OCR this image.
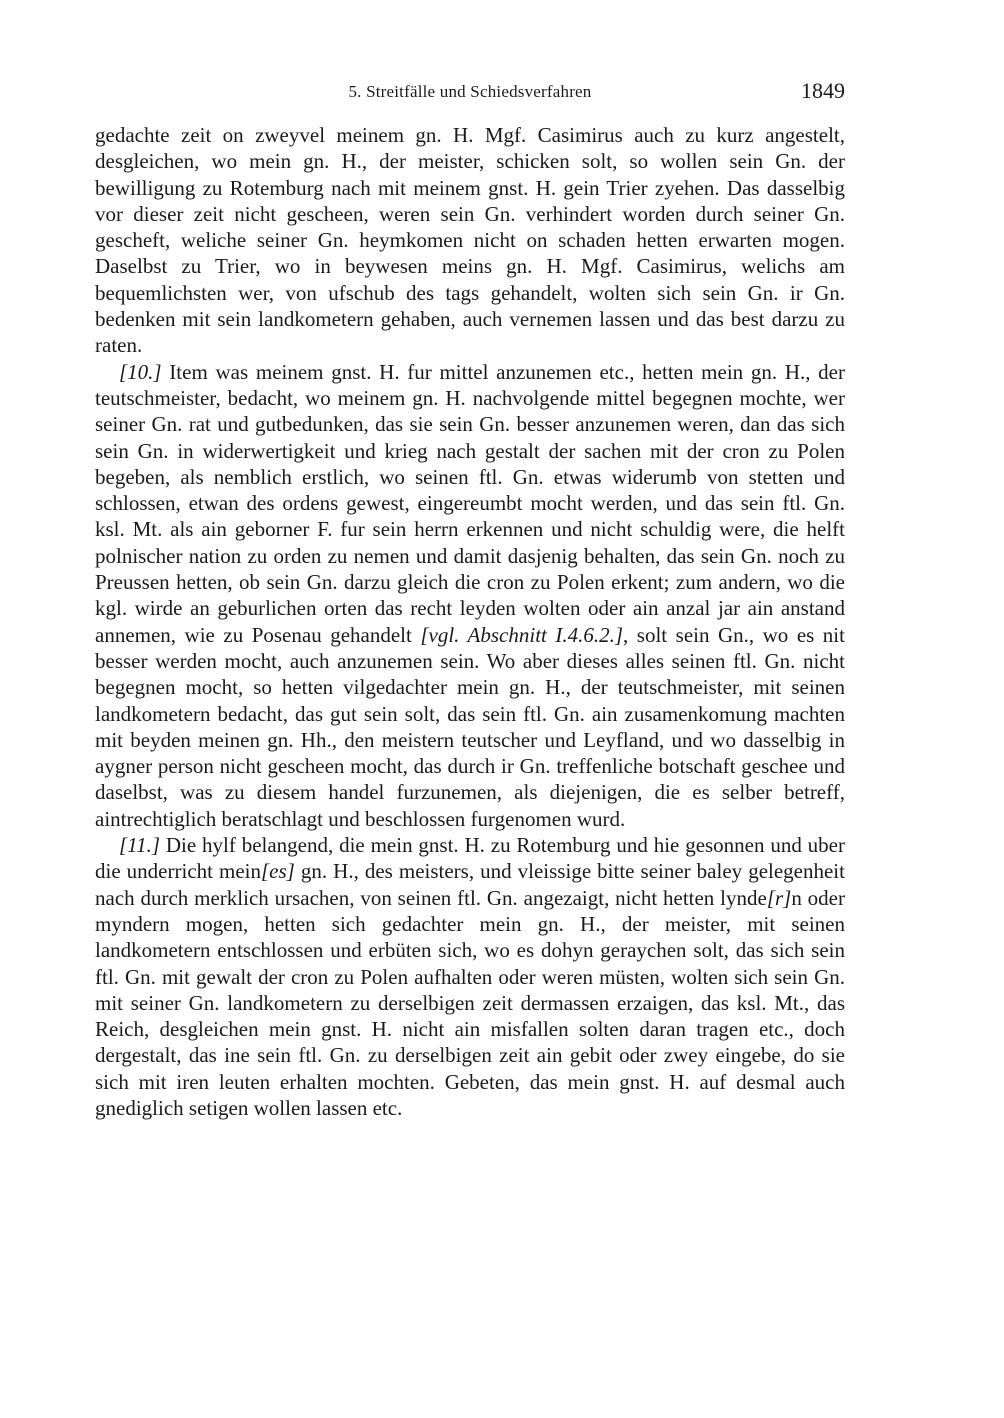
5. Streitfälle und Schiedsverfahren	1849

gedachte zeit on zweyvel meinem gn. H. Mgf. Casimirus auch zu kurz angestelt, desgleichen, wo mein gn. H., der meister, schicken solt, so wollen sein Gn. der bewilligung zu Rotemburg nach mit meinem gnst. H. gein Trier zyehen. Das dasselbig vor dieser zeit nicht gescheen, weren sein Gn. verhindert worden durch seiner Gn. gescheft, weliche seiner Gn. heymkomen nicht on schaden hetten erwarten mogen. Daselbst zu Trier, wo in beywesen meins gn. H. Mgf. Casimirus, welichs am bequemlichsten wer, von ufschub des tags gehandelt, wolten sich sein Gn. ir Gn. bedenken mit sein landkometern gehaben, auch vernemen lassen und das best darzu zu raten.

[10.] Item was meinem gnst. H. fur mittel anzunemen etc., hetten mein gn. H., der teutschmeister, bedacht, wo meinem gn. H. nachvolgende mittel begegnen mochte, wer seiner Gn. rat und gutbedunken, das sie sein Gn. besser anzunemen weren, dan das sich sein Gn. in widerwertigkeit und krieg nach gestalt der sachen mit der cron zu Polen begeben, als nemblich erstlich, wo seinen ftl. Gn. etwas widerumb von stetten und schlossen, etwan des ordens gewest, eingereumbt mocht werden, und das sein ftl. Gn. ksl. Mt. als ain geborner F. fur sein herrn erkennen und nicht schuldig were, die helft polnischer nation zu orden zu nemen und damit dasjenig behalten, das sein Gn. noch zu Preussen hetten, ob sein Gn. darzu gleich die cron zu Polen erkent; zum andern, wo die kgl. wirde an geburlichen orten das recht leyden wolten oder ain anzal jar ain anstand annemen, wie zu Posenau gehandelt [vgl. Abschnitt I.4.6.2.], solt sein Gn., wo es nit besser werden mocht, auch anzunemen sein. Wo aber dieses alles seinen ftl. Gn. nicht begegnen mocht, so hetten vilgedachter mein gn. H., der teutschmeister, mit seinen landkometern bedacht, das gut sein solt, das sein ftl. Gn. ain zusamenkomung machten mit beyden meinen gn. Hh., den meistern teutscher und Leyfland, und wo dasselbig in aygner person nicht gescheen mocht, das durch ir Gn. treffenliche botschaft geschee und daselbst, was zu diesem handel furzunemen, als diejenigen, die es selber betreff, aintrechtiglich beratschlagt und beschlossen furgenomen wurd.

[11.] Die hylf belangend, die mein gnst. H. zu Rotemburg und hie gesonnen und uber die underricht mein[es] gn. H., des meisters, und vleissige bitte seiner baley gelegenheit nach durch merklich ursachen, von seinen ftl. Gn. angezaigt, nicht hetten lynde[r]n oder myndern mogen, hetten sich gedachter mein gn. H., der meister, mit seinen landkometern entschlossen und erbüten sich, wo es dohyn geraychen solt, das sich sein ftl. Gn. mit gewalt der cron zu Polen aufhalten oder weren müsten, wolten sich sein Gn. mit seiner Gn. landkometern zu derselbigen zeit dermassen erzaigen, das ksl. Mt., das Reich, desgleichen mein gnst. H. nicht ain misfallen solten daran tragen etc., doch dergestalt, das ine sein ftl. Gn. zu derselbigen zeit ain gebit oder zwey eingebe, do sie sich mit iren leuten erhalten mochten. Gebeten, das mein gnst. H. auf desmal auch gnediglich setigen wollen lassen etc.
